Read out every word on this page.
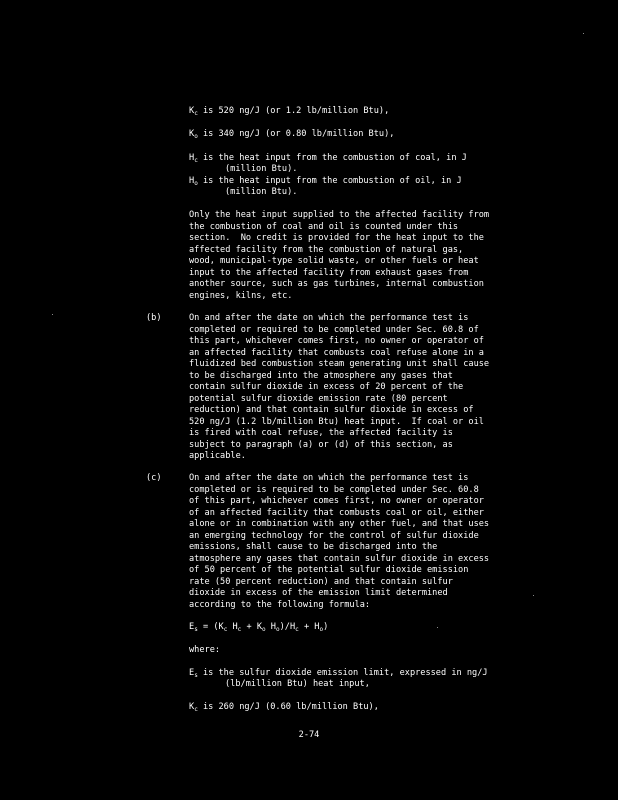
$K_c$ is 520 ng/J (or 1.2 lb/million Btu),
$K_o$ is 340 ng/J (or 0.80 lb/million Btu),
$H_c$ is the heat input from the combustion of coal, in J
(million Btu).
$H_o$ is the heat input from the combustion of oil, in J
(million Btu).
Only the heat input supplied to the affected facility from
the combustion of coal and oil is counted under this
section.  No credit is provided for the heat input to the
affected facility from the combustion of natural gas,
wood, municipal-type solid waste, or other fuels or heat
input to the affected facility from exhaust gases from
another source, such as gas turbines, internal combustion
engines, kilns, etc.
(b)	On and after the date on which the performance test is
completed or required to be completed under Sec. 60.8 of
this part, whichever comes first, no owner or operator of
an affected facility that combusts coal refuse alone in a
fluidized bed combustion steam generating unit shall cause
to be discharged into the atmosphere any gases that
contain sulfur dioxide in excess of 20 percent of the
potential sulfur dioxide emission rate (80 percent
reduction) and that contain sulfur dioxide in excess of
520 ng/J (1.2 lb/million Btu) heat input.  If coal or oil
is fired with coal refuse, the affected facility is
subject to paragraph (a) or (d) of this section, as
applicable.
(c)	On and after the date on which the performance test is
completed or is required to be completed under Sec. 60.8
of this part, whichever comes first, no owner or operator
of an affected facility that combusts coal or oil, either
alone or in combination with any other fuel, and that uses
an emerging technology for the control of sulfur dioxide
emissions, shall cause to be discharged into the
atmosphere any gases that contain sulfur dioxide in excess
of 50 percent of the potential sulfur dioxide emission
rate (50 percent reduction) and that contain sulfur
dioxide in excess of the emission limit determined
according to the following formula:
$E_s = (K_c$ $H_c + K_o$ $H_o)/H_c + H_o$)
where:
$E_s$ is the sulfur dioxide emission limit, expressed in ng/J
(lb/million Btu) heat input,
$K_c$ is 260 ng/J (0.60 lb/million Btu),
2-74
